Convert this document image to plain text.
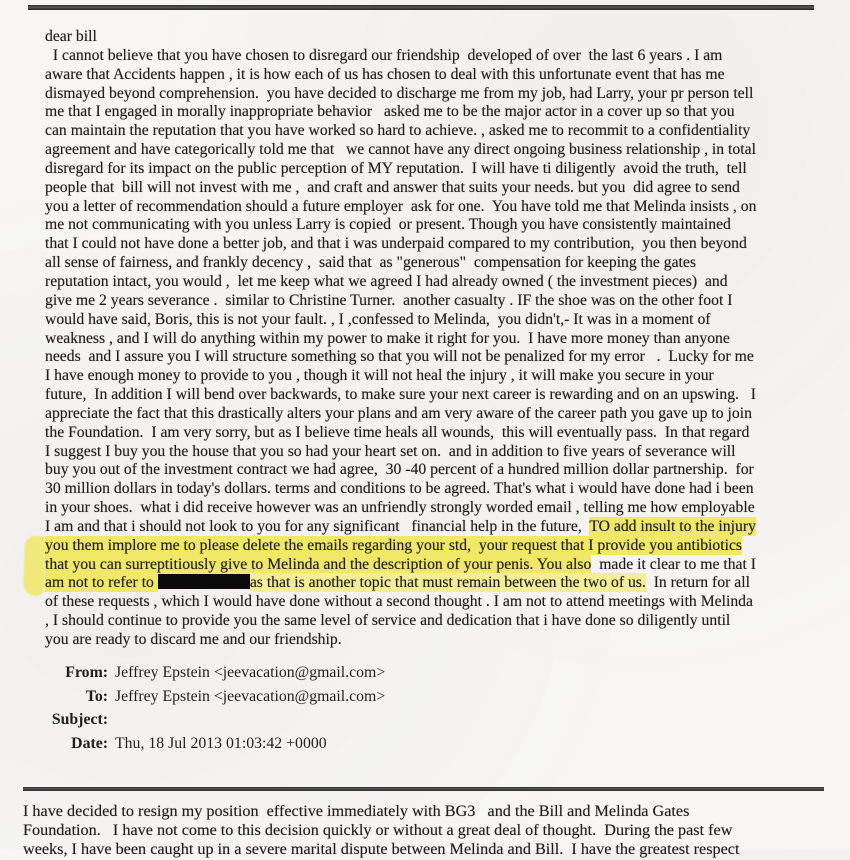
dear bill
I cannot believe that you have chosen to disregard our friendship  developed of over  the last 6 years . I am
aware that Accidents happen , it is how each of us has chosen to deal with this unfortunate event that has me
dismayed beyond comprehension.  you have decided to discharge me from my job, had Larry, your pr person tell
me that I engaged in morally inappropriate behavior   asked me to be the major actor in a cover up so that you
can maintain the reputation that you have worked so hard to achieve. , asked me to recommit to a confidentiality
agreement and have categorically told me that   we cannot have any direct ongoing business relationship , in total
disregard for its impact on the public perception of MY reputation.  I will have ti diligently  avoid the truth,  tell
people that  bill will not invest with me ,  and craft and answer that suits your needs. but you  did agree to send
you a letter of recommendation should a future employer  ask for one.  You have told me that Melinda insists , on
me not communicating with you unless Larry is copied  or present. Though you have consistently maintained
that I could not have done a better job, and that i was underpaid compared to my contribution,  you then beyond
all sense of fairness, and frankly decency ,  said that  as "generous"  compensation for keeping the gates
reputation intact, you would ,  let me keep what we agreed I had already owned ( the investment pieces)  and
give me 2 years severance .  similar to Christine Turner.  another casualty . IF the shoe was on the other foot I
would have said, Boris, this is not your fault. , I ,confessed to Melinda,  you didn't,- It was in a moment of
weakness , and I will do anything within my power to make it right for you.  I have more money than anyone
needs  and I assure you I will structure something so that you will not be penalized for my error   .  Lucky for me
I have enough money to provide to you , though it will not heal the injury , it will make you secure in your
future,  In addition I will bend over backwards, to make sure your next career is rewarding and on an upswing.   I
appreciate the fact that this drastically alters your plans and am very aware of the career path you gave up to join
the Foundation.  I am very sorry, but as I believe time heals all wounds,  this will eventually pass.  In that regard
I suggest I buy you the house that you so had your heart set on.  and in addition to five years of severance will
buy you out of the investment contract we had agree,  30 -40 percent of a hundred million dollar partnership.  for
30 million dollars in today's dollars. terms and conditions to be agreed. That's what i would have done had i been
in your shoes.  what i did receive however was an unfriendly strongly worded email , telling me how employable
I am and that i should not look to you for any significant   financial help in the future,  TO add insult to the injury
you them implore me to please delete the emails regarding your std,  your request that I provide you antibiotics
that you can surreptitiously give to Melinda and the description of your penis. You also  made it clear to me that I
am not to refer to	as that is another topic that must remain between the two of us.  In return for all
of these requests , which I would have done without a second thought . I am not to attend meetings with Melinda
, I should continue to provide you the same level of service and dedication that i have done so diligently until
you are ready to discard me and our friendship.
From: Jeffrey Epstein <jeevacation@gmail.com>
To: Jeffrey Epstein <jeevacation@gmail.com>
Subject:
Date: Thu, 18 Jul 2013 01:03:42 +0000
I have decided to resign my position  effective immediately with BG3   and the Bill and Melinda Gates
Foundation.   I have not come to this decision quickly or without a great deal of thought.  During the past few
weeks, I have been caught up in a severe marital dispute between Melinda and Bill.  I have the greatest respect
